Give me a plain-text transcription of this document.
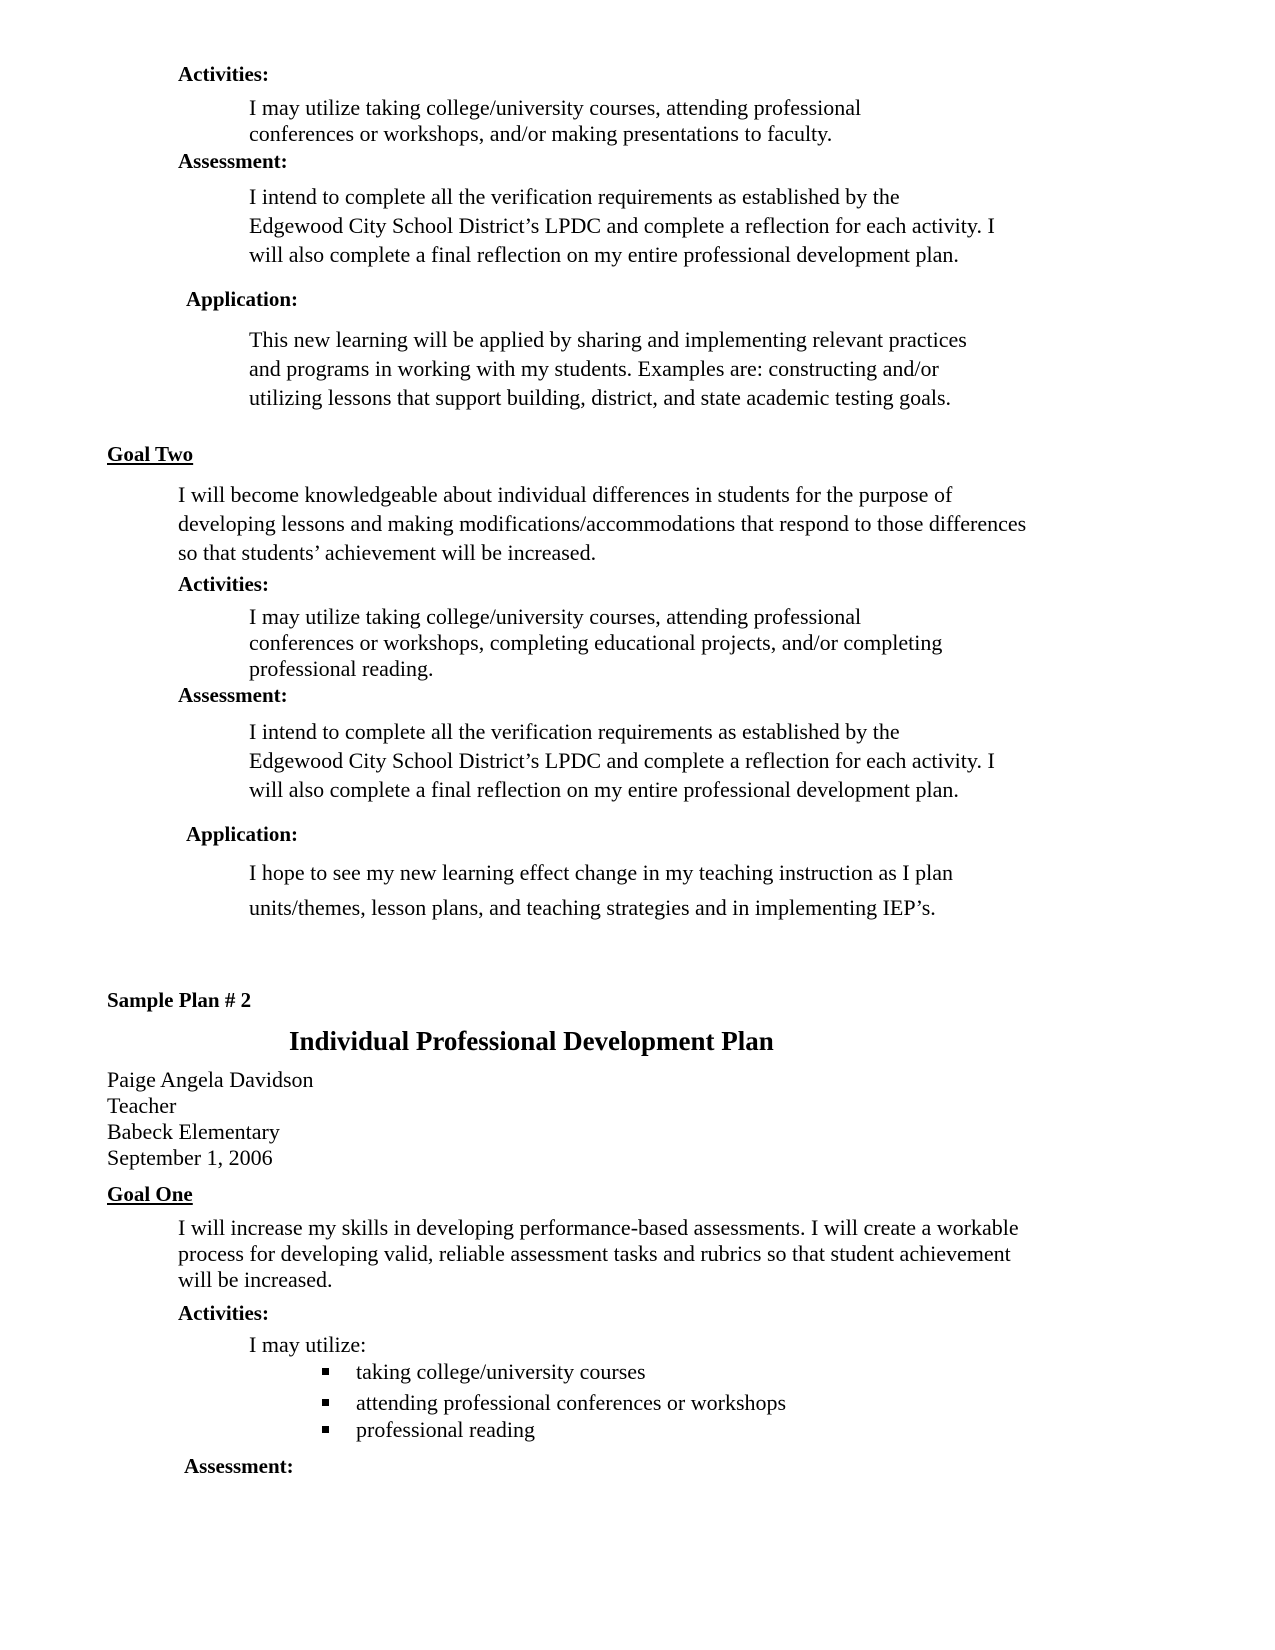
Activities:
I may utilize taking college/university courses, attending professional
conferences or workshops, and/or making presentations to faculty.
Assessment:
I intend to complete all the verification requirements as established by the
Edgewood City School District’s LPDC and complete a reflection for each activity. I
will also complete a final reflection on my entire professional development plan.
Application:
This new learning will be applied by sharing and implementing relevant practices
and programs in working with my students. Examples are: constructing and/or
utilizing lessons that support building, district, and state academic testing goals.
Goal Two
I will become knowledgeable about individual differences in students for the purpose of
developing lessons and making modifications/accommodations that respond to those differences
so that students’ achievement will be increased.
Activities:
I may utilize taking college/university courses, attending professional
conferences or workshops, completing educational projects, and/or completing
professional reading.
Assessment:
I intend to complete all the verification requirements as established by the
Edgewood City School District’s LPDC and complete a reflection for each activity. I
will also complete a final reflection on my entire professional development plan.
Application:
I hope to see my new learning effect change in my teaching instruction as I plan
units/themes, lesson plans, and teaching strategies and in implementing IEP’s.
Sample Plan # 2
Individual Professional Development Plan
Paige Angela Davidson
Teacher
Babeck Elementary
September 1, 2006
Goal One
I will increase my skills in developing performance-based assessments. I will create a workable
process for developing valid, reliable assessment tasks and rubrics so that student achievement
will be increased.
Activities:
I may utilize:
taking college/university courses
attending professional conferences or workshops
professional reading
Assessment:
